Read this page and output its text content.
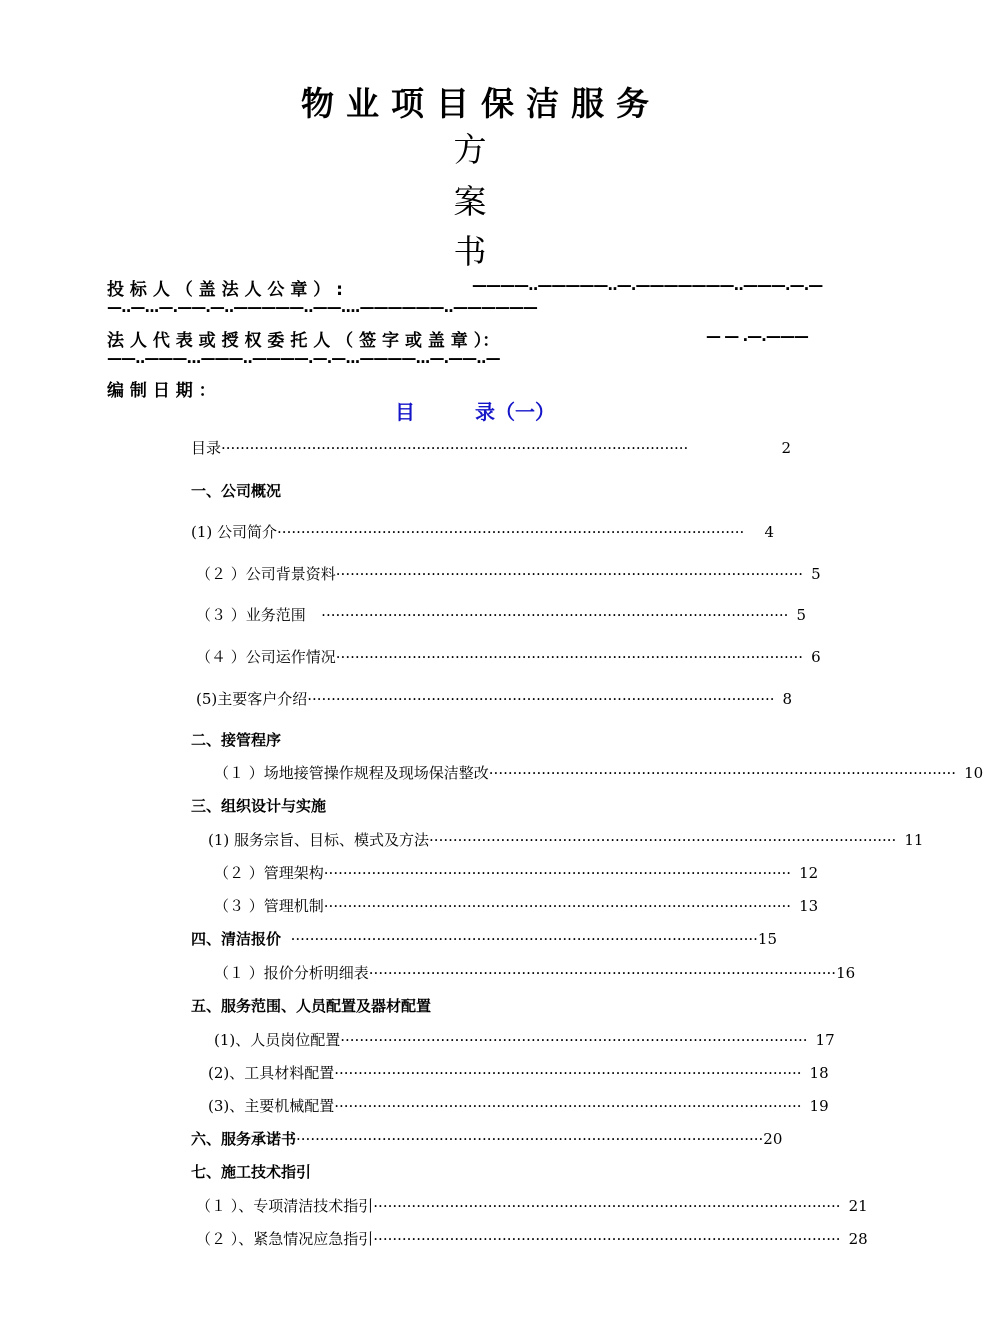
物业项目保洁服务
方
案
书
投 标 人 （ 盖 法 人 公 章 ） :	————..—————..—.———————..———.—.—
—..—...—.——.—..—————..——....——————..——————
法 人 代 表 或 授 权 委 托 人 （ 签 字 或 盖 章 ）：	— — .—.———
——..———...———..————.—.—...————...—.——..—
编 制 日 期 ：
目　　　录（一）
目录 ··································································································	2
一、公司概况
(1) 公司简介 ··································································································	4
（２ ）公司背景资料 ·································································································· 5
（３ ）业务范围 ·································································································· 5
（４ ）公司运作情况 ·································································································· 6
(5)主要客户介绍 ·································································································· 8
二、接管程序
（１ ）场地接管操作规程及现场保洁整改 ·································································································· 10
三、组织设计与实施
(1) 服务宗旨、目标、模式及方法 ·································································································· 11
（２ ）管理架构 ·································································································· 12
（３ ）管理机制 ·································································································· 13
四、清洁报价 ·································································································· 15
（１ ）报价分析明细表 ·································································································· 16
五、服务范围、人员配置及器材配置
(1)、人员岗位配置 ·································································································· 17
(2)、工具材料配置 ·································································································· 18
(3)、主要机械配置 ·································································································· 19
六、服务承诺书 ·································································································· 20
七、施工技术指引
（１ ）、专项清洁技术指引 ·································································································· 21
（２ ）、紧急情况应急指引 ·································································································· 28
